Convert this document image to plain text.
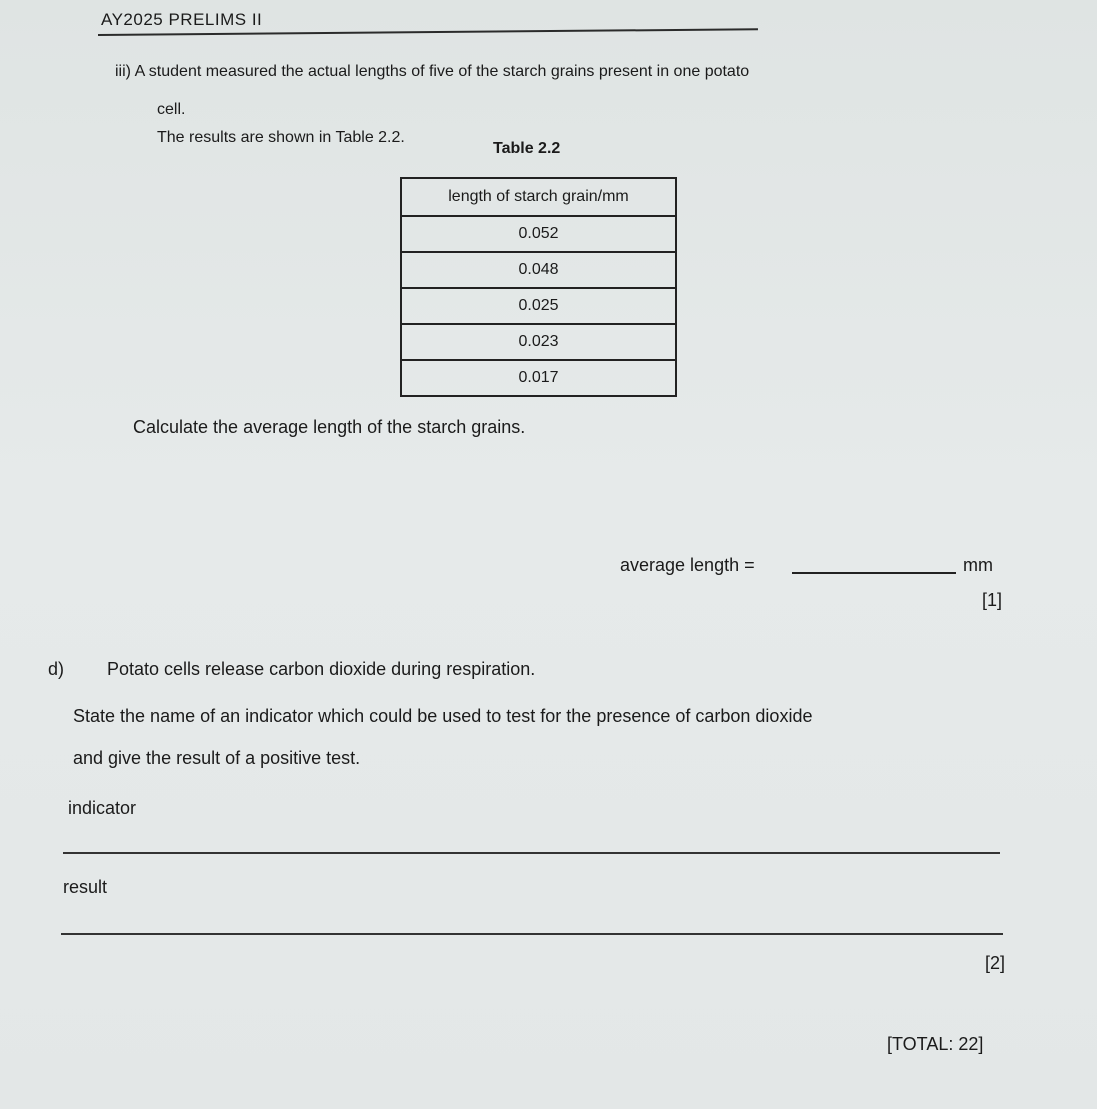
AY2025 PRELIMS II
iii) A student measured the actual lengths of five of the starch grains present in one potato
cell.
The results are shown in Table 2.2.
Table 2.2
length of starch grain/mm
0.052
0.048
0.025
0.023
0.017
Calculate the average length of the starch grains.
average length =	mm
[1]
d) Potato cells release carbon dioxide during respiration.
State the name of an indicator which could be used to test for the presence of carbon dioxide
and give the result of a positive test.
indicator
result
[2]
[TOTAL: 22]
